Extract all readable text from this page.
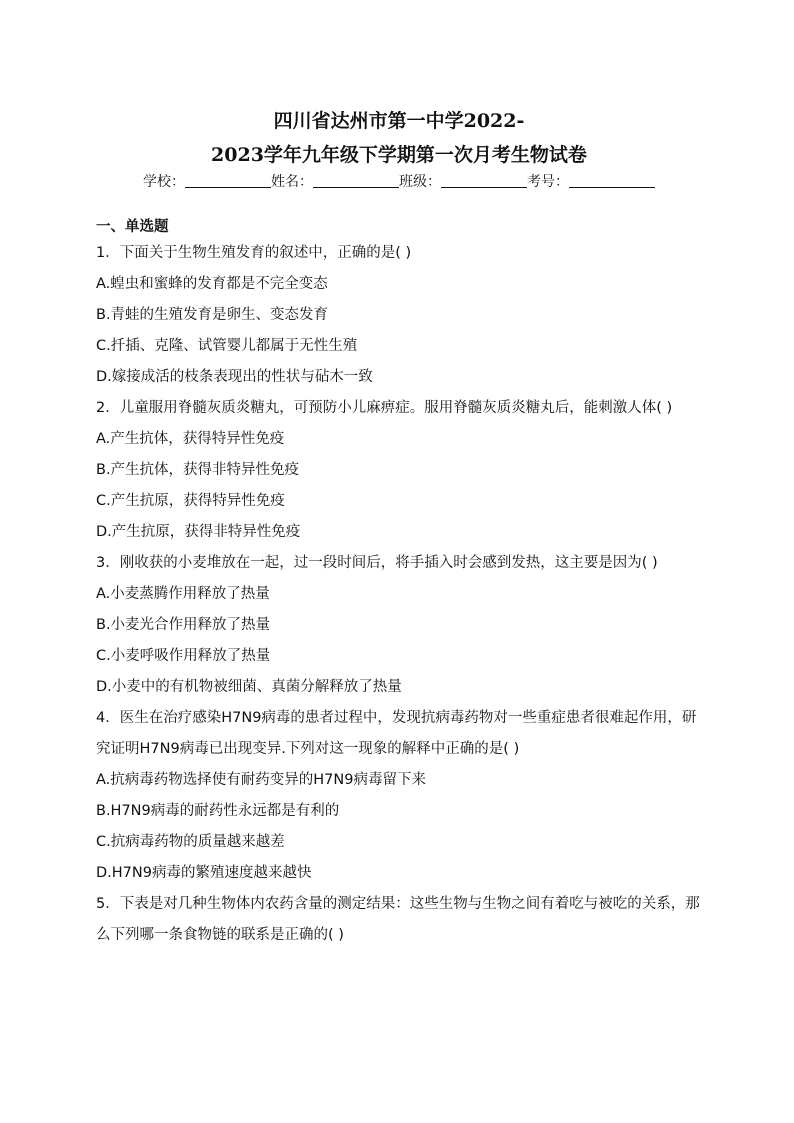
四川省达州市第一中学2022-
2023学年九年级下学期第一次月考生物试卷
学校：	姓名：	班级：	考号：
一、单选题

1．下面关于生物生殖发育的叙述中，正确的是( )

A.蝗虫和蜜蜂的发育都是不完全变态

B.青蛙的生殖发育是卵生、变态发育

C.扦插、克隆、试管婴儿都属于无性生殖

D.嫁接成活的枝条表现出的性状与砧木一致

2．儿童服用脊髓灰质炎糖丸，可预防小儿麻痹症。服用脊髓灰质炎糖丸后，能刺激人体( )

A.产生抗体，获得特异性免疫

B.产生抗体，获得非特异性免疫

C.产生抗原，获得特异性免疫

D.产生抗原，获得非特异性免疫

3．刚收获的小麦堆放在一起，过一段时间后，将手插入时会感到发热，这主要是因为( )

A.小麦蒸腾作用释放了热量

B.小麦光合作用释放了热量

C.小麦呼吸作用释放了热量

D.小麦中的有机物被细菌、真菌分解释放了热量

4．医生在治疗感染H7N9病毒的患者过程中，发现抗病毒药物对一些重症患者很难起作用，研究证明H7N9病毒已出现变异.下列对这一现象的解释中正确的是( )

A.抗病毒药物选择使有耐药变异的H7N9病毒留下来

B.H7N9病毒的耐药性永远都是有利的

C.抗病毒药物的质量越来越差

D.H7N9病毒的繁殖速度越来越快

5．下表是对几种生物体内农药含量的测定结果：这些生物与生物之间有着吃与被吃的关系，那么下列哪一条食物链的联系是正确的( )
